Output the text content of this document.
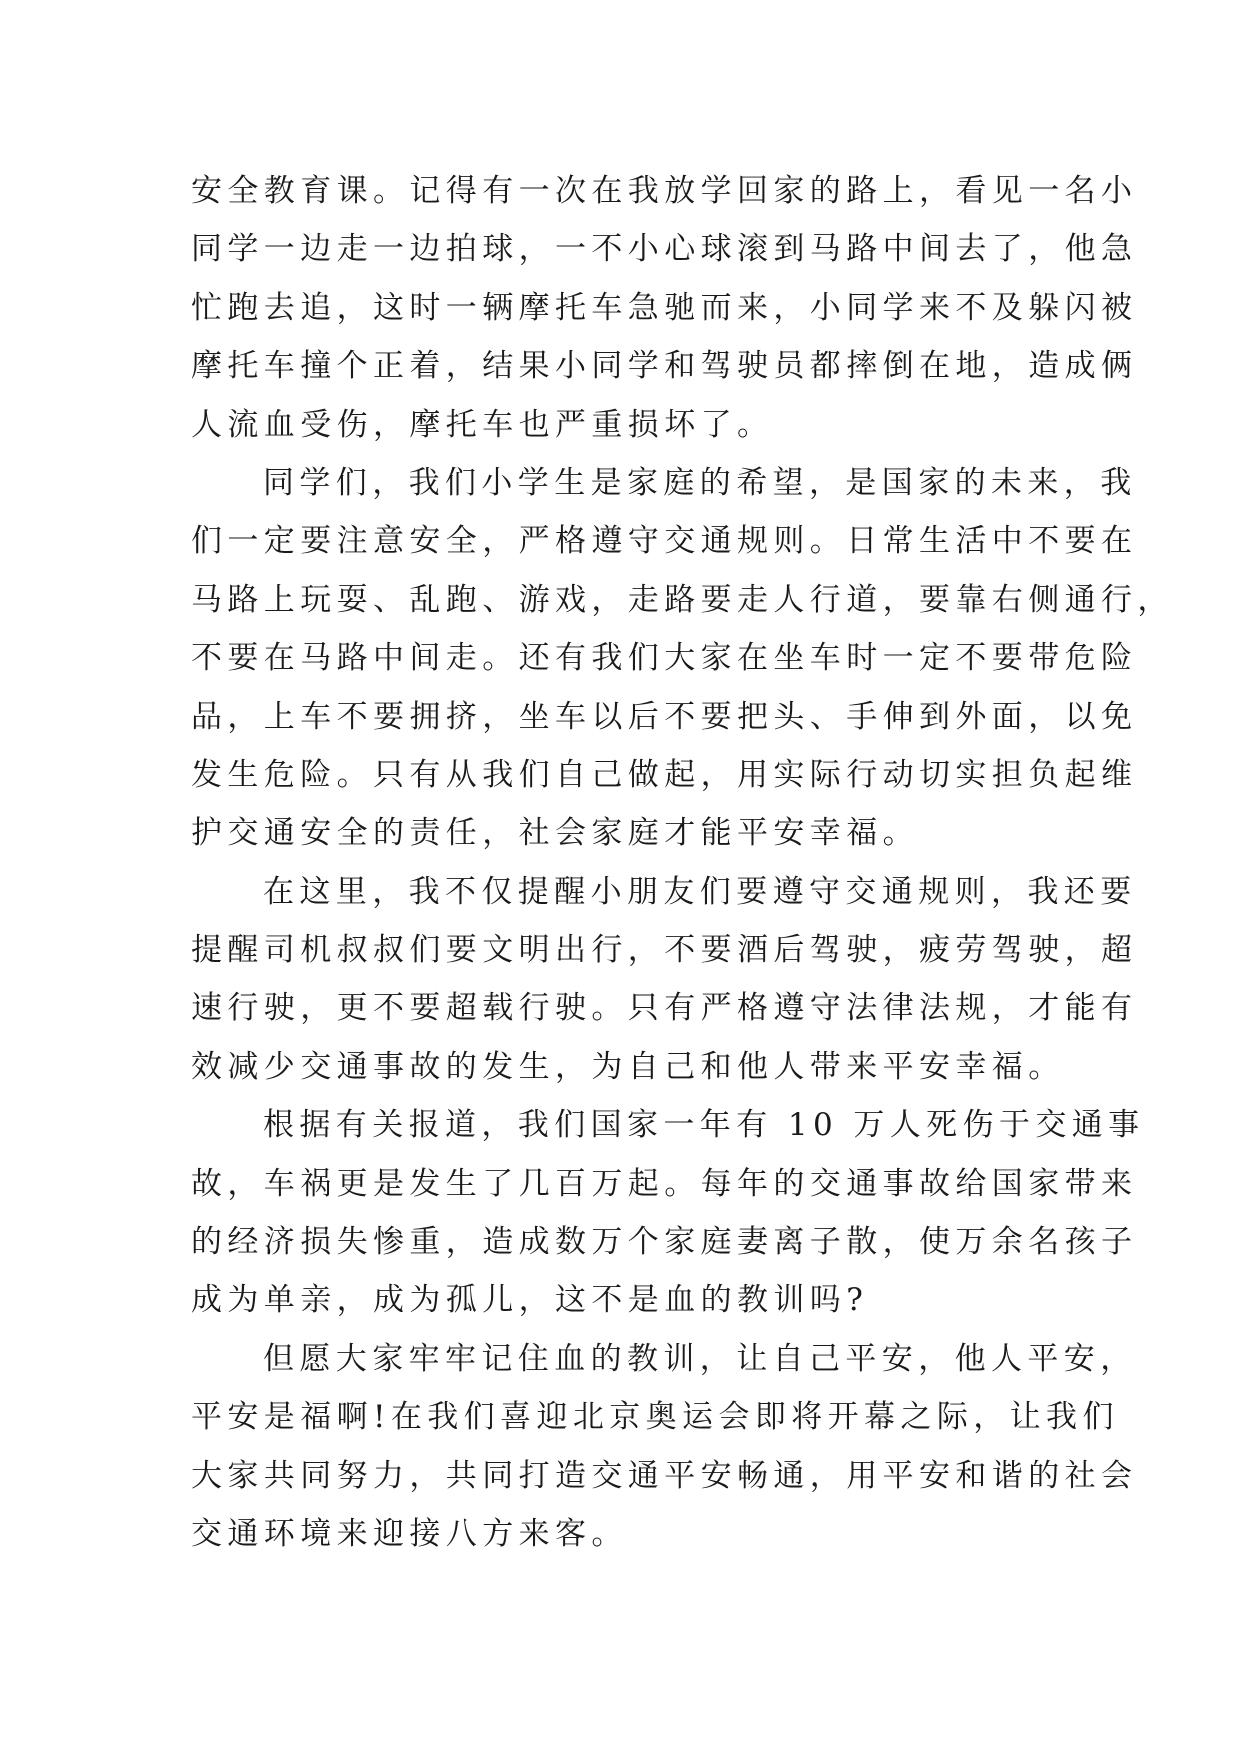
安全教育课。记得有一次在我放学回家的路上，看见一名小
同学一边走一边拍球，一不小心球滚到马路中间去了，他急
忙跑去追，这时一辆摩托车急驰而来，小同学来不及躲闪被
摩托车撞个正着，结果小同学和驾驶员都摔倒在地，造成俩
人流血受伤，摩托车也严重损坏了。
同学们，我们小学生是家庭的希望，是国家的未来，我
们一定要注意安全，严格遵守交通规则。日常生活中不要在
马路上玩耍、乱跑、游戏，走路要走人行道，要靠右侧通行，
不要在马路中间走。还有我们大家在坐车时一定不要带危险
品，上车不要拥挤，坐车以后不要把头、手伸到外面，以免
发生危险。只有从我们自己做起，用实际行动切实担负起维
护交通安全的责任，社会家庭才能平安幸福。
在这里，我不仅提醒小朋友们要遵守交通规则，我还要
提醒司机叔叔们要文明出行，不要酒后驾驶，疲劳驾驶，超
速行驶，更不要超载行驶。只有严格遵守法律法规，才能有
效减少交通事故的发生，为自己和他人带来平安幸福。
根据有关报道，我们国家一年有 10 万人死伤于交通事
故，车祸更是发生了几百万起。每年的交通事故给国家带来
的经济损失惨重，造成数万个家庭妻离子散，使万余名孩子
成为单亲，成为孤儿，这不是血的教训吗?
但愿大家牢牢记住血的教训，让自己平安，他人平安，
平安是福啊!在我们喜迎北京奥运会即将开幕之际，让我们
大家共同努力，共同打造交通平安畅通，用平安和谐的社会
交通环境来迎接八方来客。
